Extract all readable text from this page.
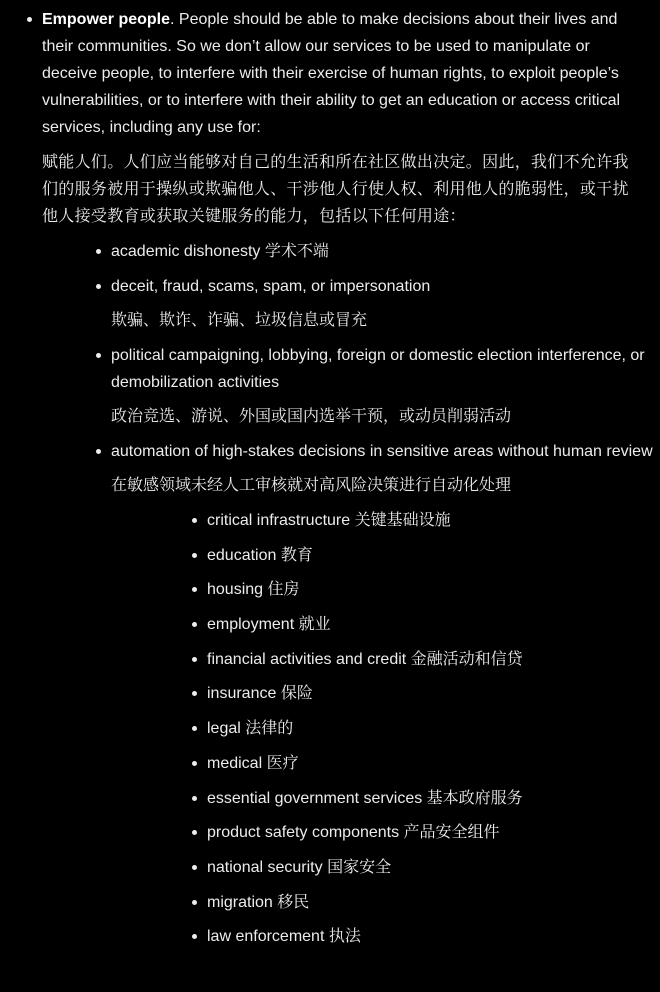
Empower people. People should be able to make decisions about their lives and their communities. So we don’t allow our services to be used to manipulate or deceive people, to interfere with their exercise of human rights, to exploit people’s vulnerabilities, or to interfere with their ability to get an education or access critical services, including any use for:
赋能人们。人们应当能够对自己的生活和所在社区做出决定。因此，我们不允许我们的服务被用于操纵或欺骗他人、干涉他人行使人权、利用他人的脆弱性，或干扰他人接受教育或获取关键服务的能力，包括以下任何用途：
academic dishonesty 学术不端
deceit, fraud, scams, spam, or impersonation
欺骗、欺诈、诈骗、垃圾信息或冒充
political campaigning, lobbying, foreign or domestic election interference, or demobilization activities
政治竞选、游说、外国或国内选举干预，或动员削弱活动
automation of high-stakes decisions in sensitive areas without human review
在敏感领域未经人工审核就对高风险决策进行自动化处理
critical infrastructure 关键基础设施
education 教育
housing 住房
employment 就业
financial activities and credit 金融活动和信贷
insurance 保险
legal 法律的
medical 医疗
essential government services 基本政府服务
product safety components 产品安全组件
national security 国家安全
migration 移民
law enforcement 执法
